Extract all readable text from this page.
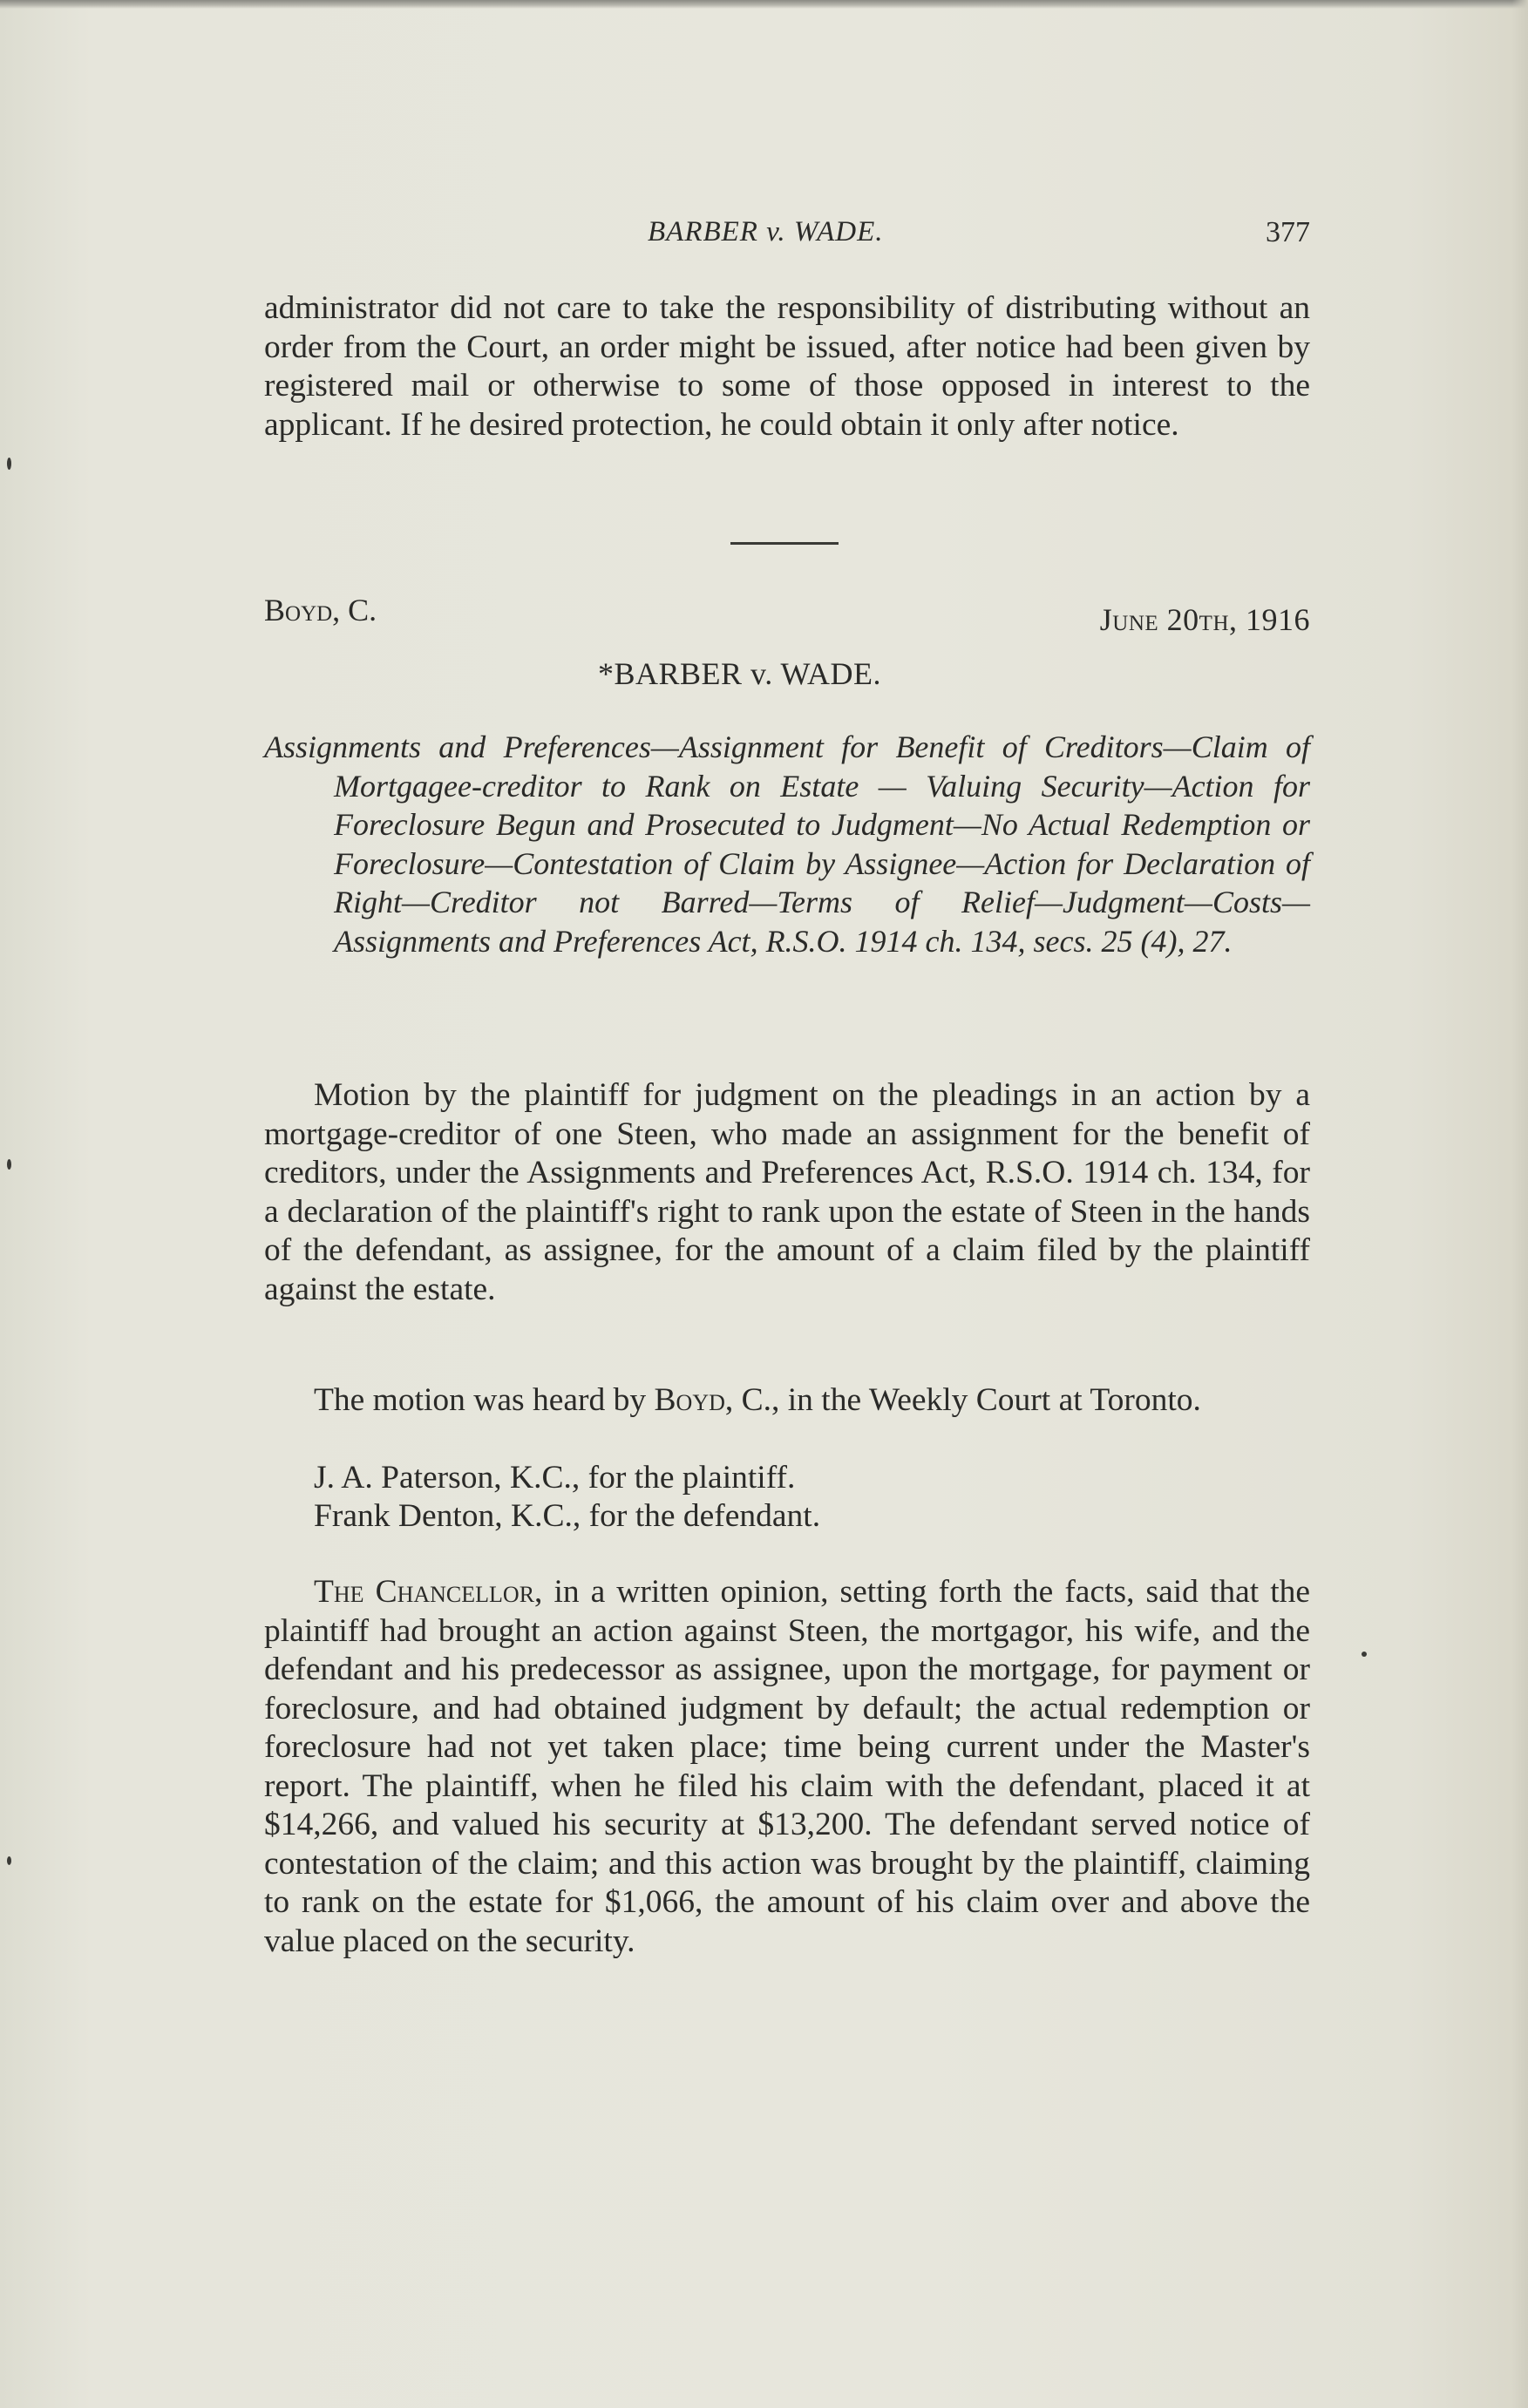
BARBER v. WADE.	377

administrator did not care to take the responsibility of distributing without an order from the Court, an order might be issued, after notice had been given by registered mail or otherwise to some of those opposed in interest to the applicant. If he desired protection, he could obtain it only after notice.

Boyd, C.	June 20th, 1916
*BARBER v. WADE.

Assignments and Preferences—Assignment for Benefit of Creditors—Claim of Mortgagee-creditor to Rank on Estate — Valuing Security—Action for Foreclosure Begun and Prosecuted to Judgment—No Actual Redemption or Foreclosure—Contestation of Claim by Assignee—Action for Declaration of Right—Creditor not Barred—Terms of Relief—Judgment—Costs—Assignments and Preferences Act, R.S.O. 1914 ch. 134, secs. 25 (4), 27.

Motion by the plaintiff for judgment on the pleadings in an action by a mortgage-creditor of one Steen, who made an assignment for the benefit of creditors, under the Assignments and Preferences Act, R.S.O. 1914 ch. 134, for a declaration of the plaintiff's right to rank upon the estate of Steen in the hands of the defendant, as assignee, for the amount of a claim filed by the plaintiff against the estate.

The motion was heard by Boyd, C., in the Weekly Court at Toronto.

J. A. Paterson, K.C., for the plaintiff.
Frank Denton, K.C., for the defendant.

The Chancellor, in a written opinion, setting forth the facts, said that the plaintiff had brought an action against Steen, the mortgagor, his wife, and the defendant and his predecessor as assignee, upon the mortgage, for payment or foreclosure, and had obtained judgment by default; the actual redemption or foreclosure had not yet taken place; time being current under the Master's report. The plaintiff, when he filed his claim with the defendant, placed it at $14,266, and valued his security at $13,200. The defendant served notice of contestation of the claim; and this action was brought by the plaintiff, claiming to rank on the estate for $1,066, the amount of his claim over and above the value placed on the security.
